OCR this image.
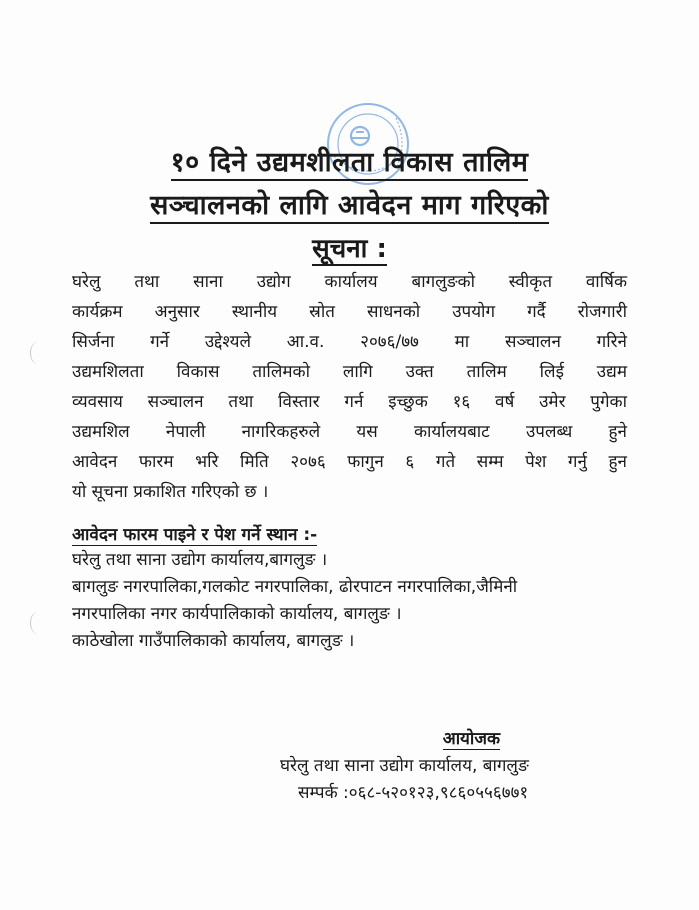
१० दिने उद्यमशीलता विकास तालिम
सञ्चालनको लागि आवेदन माग गरिएको
सूचना :
घरेलु तथा साना उद्योग कार्यालय बागलुङको स्वीकृत वार्षिक
कार्यक्रम अनुसार स्थानीय स्रोत साधनको उपयोग गर्दै रोजगारी
सिर्जना गर्ने उद्देश्यले आ.व. २०७६/७७ मा सञ्चालन गरिने
उद्यमशिलता विकास तालिमको लागि उक्त तालिम लिई उद्यम
व्यवसाय सञ्चालन तथा विस्तार गर्न इच्छुक १६ वर्ष उमेर पुगेका
उद्यमशिल नेपाली नागरिकहरुले यस कार्यालयबाट उपलब्ध हुने
आवेदन फारम भरि मिति २०७६ फागुन ६ गते सम्म पेश गर्नु हुन
यो सूचना प्रकाशित गरिएको छ ।
आवेदन फारम पाइने र पेश गर्ने स्थान :-
घरेलु तथा साना उद्योग कार्यालय,बागलुङ ।
बागलुङ नगरपालिका,गलकोट नगरपालिका, ढोरपाटन नगरपालिका,जैमिनी
नगरपालिका नगर कार्यपालिकाको कार्यालय, बागलुङ ।
काठेखोला गाउँपालिकाको कार्यालय, बागलुङ ।
आयोजक
घरेलु तथा साना उद्योग कार्यालय, बागलुङ
सम्पर्क :०६८-५२०१२३,९८६०५५६७७१
